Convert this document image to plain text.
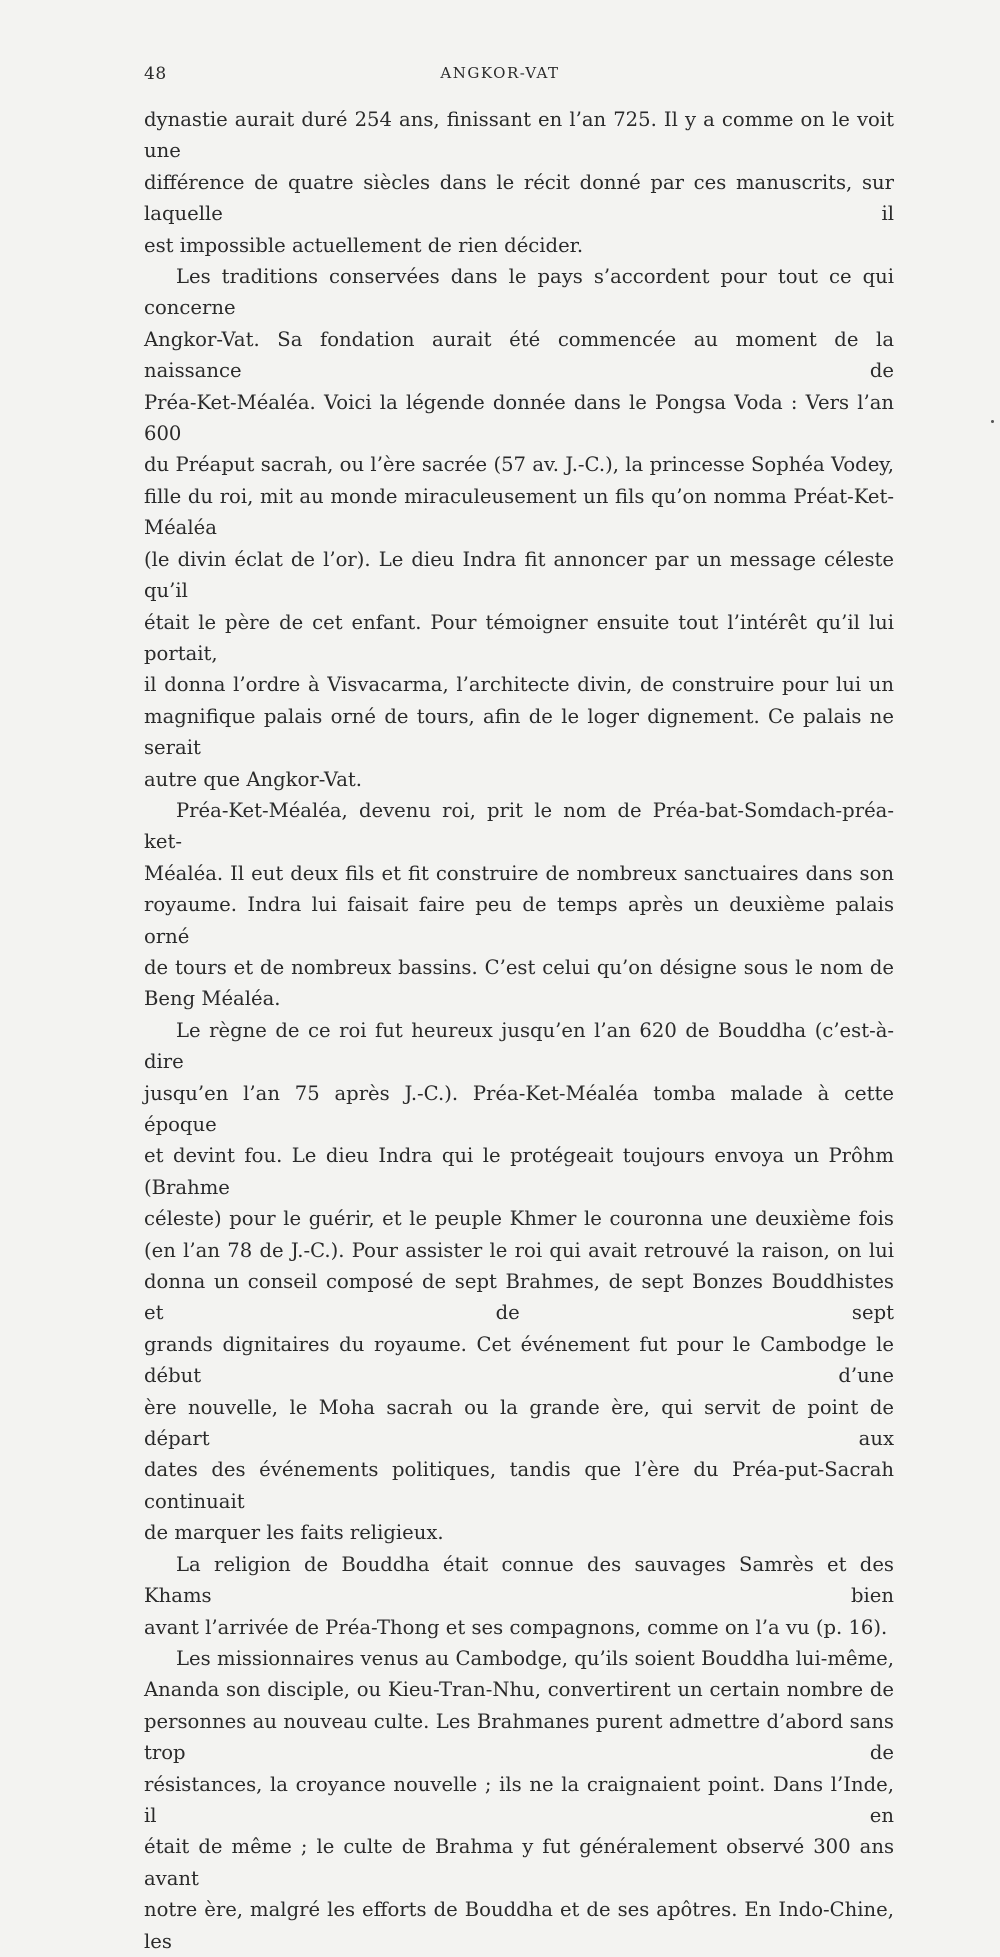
48	ANGKOR-VAT

dynastie aurait duré 254 ans, finissant en l’an 725. Il y a comme on le voit une
différence de quatre siècles dans le récit donné par ces manuscrits, sur laquelle il
est impossible actuellement de rien décider.

Les traditions conservées dans le pays s’accordent pour tout ce qui concerne
Angkor-Vat. Sa fondation aurait été commencée au moment de la naissance de
Préa-Ket-Méaléa. Voici la légende donnée dans le Pongsa Voda : Vers l’an 600
du Préaput sacrah, ou l’ère sacrée (57 av. J.-C.), la princesse Sophéa Vodey,
fille du roi, mit au monde miraculeusement un fils qu’on nomma Préat-Ket-Méaléa
(le divin éclat de l’or). Le dieu Indra fit annoncer par un message céleste qu’il
était le père de cet enfant. Pour témoigner ensuite tout l’intérêt qu’il lui portait,
il donna l’ordre à Visvacarma, l’architecte divin, de construire pour lui un
magnifique palais orné de tours, afin de le loger dignement. Ce palais ne serait
autre que Angkor-Vat.

Préa-Ket-Méaléa, devenu roi, prit le nom de Préa-bat-Somdach-préa-ket-
Méaléa. Il eut deux fils et fit construire de nombreux sanctuaires dans son
royaume. Indra lui faisait faire peu de temps après un deuxième palais orné
de tours et de nombreux bassins. C’est celui qu’on désigne sous le nom de
Beng Méaléa.

Le règne de ce roi fut heureux jusqu’en l’an 620 de Bouddha (c’est-à-dire
jusqu’en l’an 75 après J.-C.). Préa-Ket-Méaléa tomba malade à cette époque
et devint fou. Le dieu Indra qui le protégeait toujours envoya un Prôhm (Brahme
céleste) pour le guérir, et le peuple Khmer le couronna une deuxième fois
(en l’an 78 de J.-C.). Pour assister le roi qui avait retrouvé la raison, on lui
donna un conseil composé de sept Brahmes, de sept Bonzes Bouddhistes et de sept
grands dignitaires du royaume. Cet événement fut pour le Cambodge le début d’une
ère nouvelle, le Moha sacrah ou la grande ère, qui servit de point de départ aux
dates des événements politiques, tandis que l’ère du Préa-put-Sacrah continuait
de marquer les faits religieux.

La religion de Bouddha était connue des sauvages Samrès et des Khams bien
avant l’arrivée de Préa-Thong et ses compagnons, comme on l’a vu (p. 16).

Les missionnaires venus au Cambodge, qu’ils soient Bouddha lui-même,
Ananda son disciple, ou Kieu-Tran-Nhu, convertirent un certain nombre de
personnes au nouveau culte. Les Brahmanes purent admettre d’abord sans trop de
résistances, la croyance nouvelle ; ils ne la craignaient point. Dans l’Inde, il en
était de même ; le culte de Brahma y fut généralement observé 300 ans avant
notre ère, malgré les efforts de Bouddha et de ses apôtres. En Indo-Chine, les
